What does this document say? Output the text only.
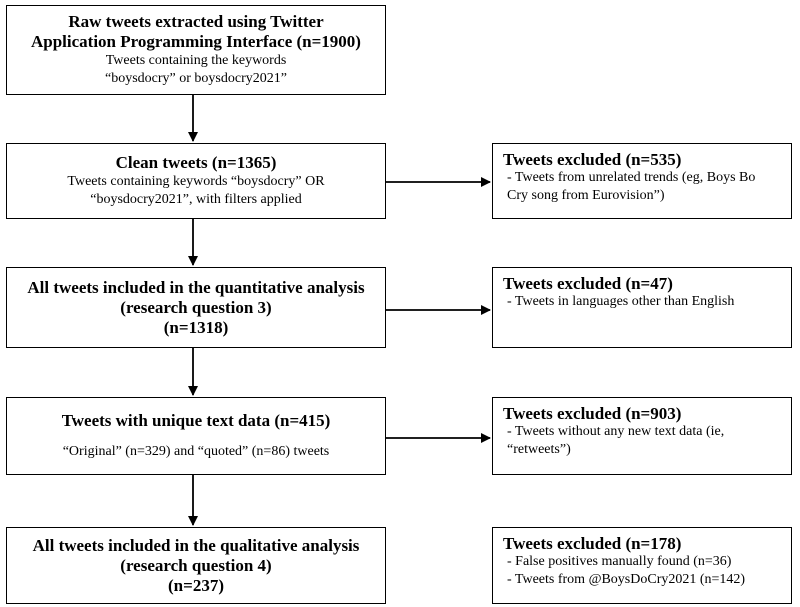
Raw tweets extracted using Twitter
Application Programming Interface (n=1900)
Tweets containing the keywords
“boysdocry” or boysdocry2021”
Clean tweets (n=1365)
Tweets containing keywords “boysdocry” OR
“boysdocry2021”, with filters applied
All tweets included in the quantitative analysis
(research question 3)
(n=1318)
Tweets with unique text data (n=415)
“Original” (n=329) and “quoted” (n=86) tweets
All tweets included in the qualitative analysis
(research question 4)
(n=237)
Tweets excluded (n=535)
- Tweets from unrelated trends (eg, Boys Bo
Cry song from Eurovision”)
Tweets excluded (n=47)
- Tweets in languages other than English
Tweets excluded (n=903)
- Tweets without any new text data (ie,
“retweets”)
Tweets excluded (n=178)
- False positives manually found (n=36)
- Tweets from @BoysDoCry2021 (n=142)
